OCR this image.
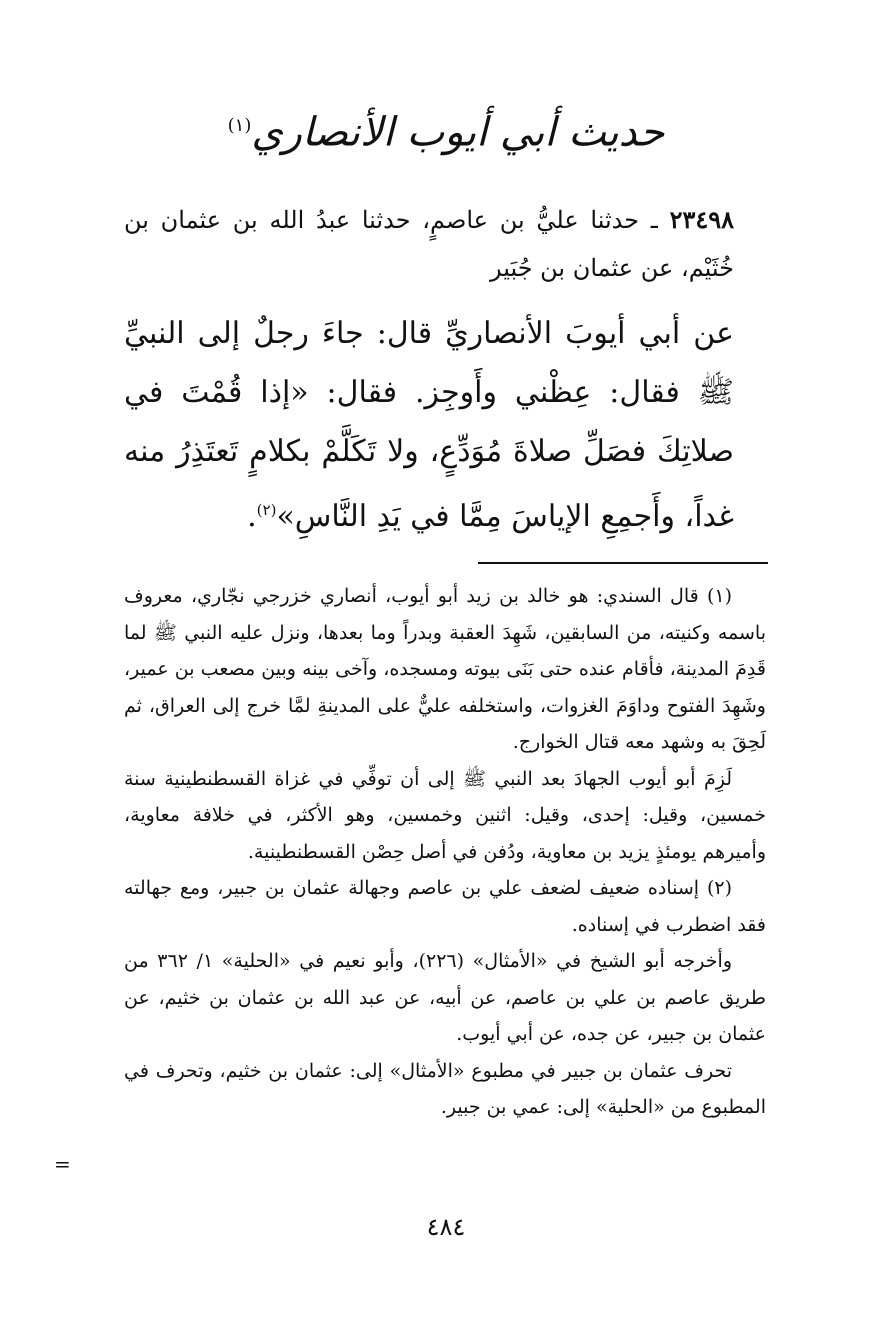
حديث أبي أيوب الأنصاري$^{(١)}$
٢٣٤٩٨ ـ حدثنا عليُّ بن عاصمٍ، حدثنا عبدُ الله بن عثمان بن خُثَيْم، عن عثمان بن جُبَير
عن أبي أيوبَ الأنصاريِّ قال: جاءَ رجلٌ إلى النبيِّ ﷺ فقال: عِظْني وأَوجِز. فقال: «إذا قُمْتَ في صلاتِكَ فصَلِّ صلاةَ مُوَدِّعٍ، ولا تَكَلَّمْ بكلامٍ تَعتَذِرُ منه غداً، وأَجمِعِ الإياسَ مِمَّا في يَدِ النَّاسِ»$^{(٢)}$.

(١) قال السندي: هو خالد بن زيد أبو أيوب، أنصاري خزرجي نجّاري، معروف باسمه وكنيته، من السابقين، شَهِدَ العقبة وبدراً وما بعدها، ونزل عليه النبي ﷺ لما قَدِمَ المدينة، فأقام عنده حتى بَنَى بيوته ومسجده، وآخى بينه وبين مصعب بن عمير، وشَهِدَ الفتوح وداوَمَ الغزوات، واستخلفه عليٌّ على المدينةِ لمَّا خرج إلى العراق، ثم لَحِقَ به وشهد معه قتال الخوارج.

لَزِمَ أبو أيوب الجهادَ بعد النبي ﷺ إلى أن توفِّي في غزاة القسطنطينية سنة خمسين، وقيل: إحدى، وقيل: اثنين وخمسين، وهو الأكثر، في خلافة معاوية، وأميرهم يومئذٍ يزيد بن معاوية، ودُفن في أصل حِصْن القسطنطينية.

(٢) إسناده ضعيف لضعف علي بن عاصم وجهالة عثمان بن جبير، ومع جهالته فقد اضطرب في إسناده.

وأخرجه أبو الشيخ في «الأمثال» (٢٢٦)، وأبو نعيم في «الحلية» ١/ ٣٦٢ من طريق عاصم بن علي بن عاصم، عن أبيه، عن عبد الله بن عثمان بن خثيم، عن عثمان بن جبير، عن جده، عن أبي أيوب.

تحرف عثمان بن جبير في مطبوع «الأمثال» إلى: عثمان بن خثيم، وتحرف في المطبوع من «الحلية» إلى: عمي بن جبير.

=
٤٨٤
